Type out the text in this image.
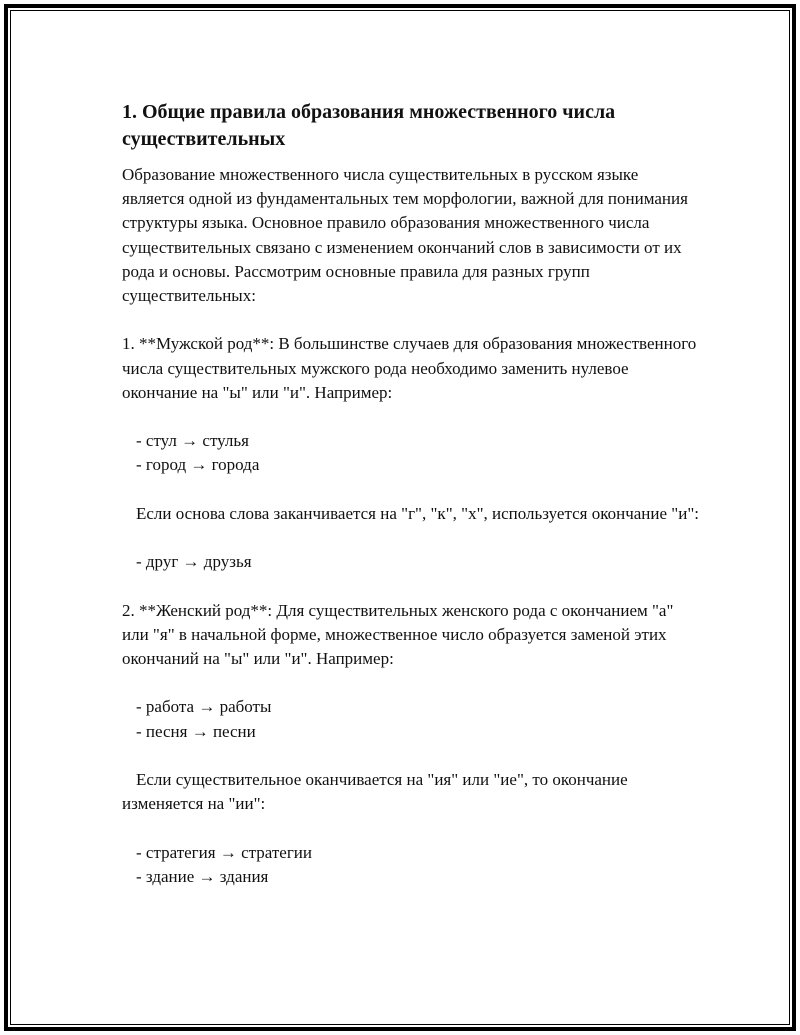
1. Общие правила образования множественного числа существительных

Образование множественного числа существительных в русском языке является одной из фундаментальных тем морфологии, важной для понимания структуры языка. Основное правило образования множественного числа существительных связано с изменением окончаний слов в зависимости от их рода и основы. Рассмотрим основные правила для разных групп существительных:

1. **Мужской род**: В большинстве случаев для образования множественного числа существительных мужского рода необходимо заменить нулевое окончание на "ы" или "и". Например:

- стул → стулья

- город → города

Если основа слова заканчивается на "г", "к", "х", используется окончание "и":

- друг → друзья

2. **Женский род**: Для существительных женского рода с окончанием "а" или "я" в начальной форме, множественное число образуется заменой этих окончаний на "ы" или "и". Например:

- работа → работы

- песня → песни

Если существительное оканчивается на "ия" или "ие", то окончание изменяется на "ии":

- стратегия → стратегии

- здание → здания
